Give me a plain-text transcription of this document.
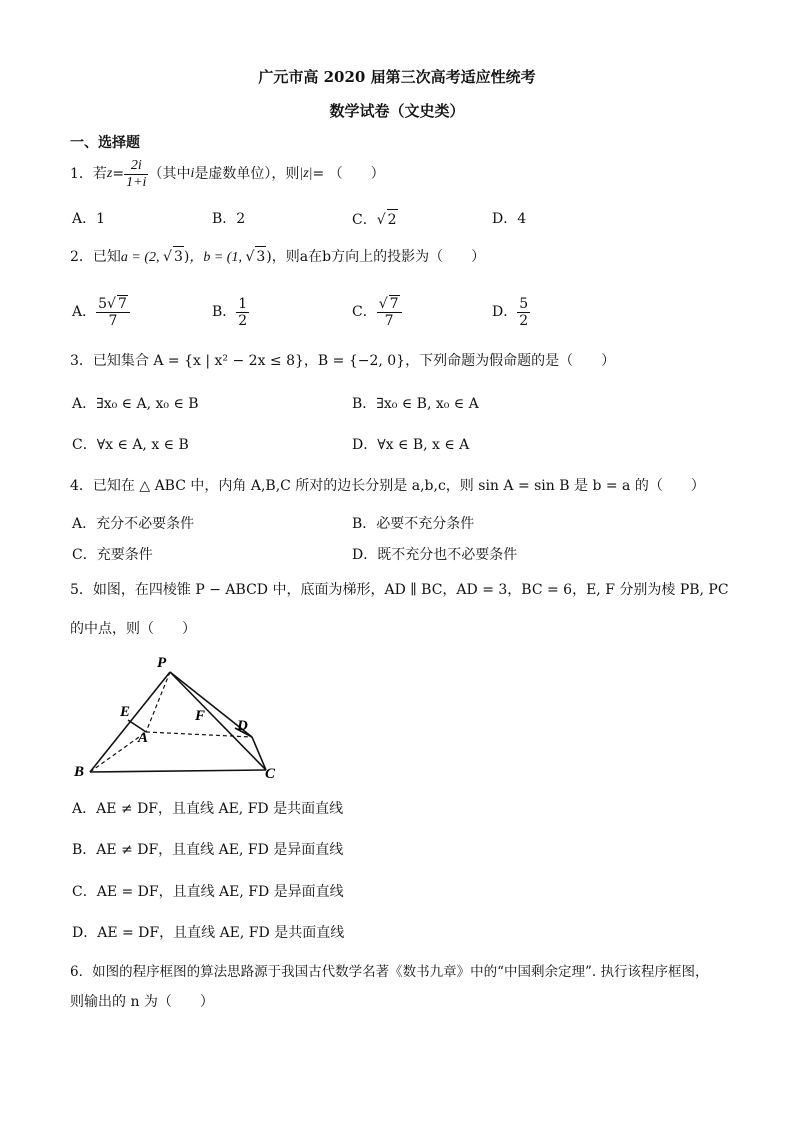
广元市高 2020 届第三次高考适应性统考
数学试卷（文史类）
一、选择题
1．若 $z = \frac{2i}{1+i}$ （其中 i 是虚数单位），则 |z| = （　　）
A．1	B．2	C．√ 2	D．4
2．已知a = (2, √ 3)，b = (1, √ 3)，则a在b方向上的投影为（　　）
A． $\frac{5√ 7}{7}$	B． $\frac{1}{2}$	C． $\frac{√ 7}{7}$	D． $\frac{5}{2}$
3．已知集合 A = {x | x² − 2x ≤ 8}，B = {−2, 0}，下列命题为假命题的是（　　）
A．∃x₀ ∈ A, x₀ ∈ B	B．∃x₀ ∈ B, x₀ ∈ A
C．∀x ∈ A, x ∈ B	D．∀x ∈ B, x ∈ A
4．已知在 △ ABC 中，内角 A,B,C 所对的边长分别是 a,b,c，则 sin A = sin B 是 b = a 的（　　）
A．充分不必要条件	B．必要不充分条件
C．充要条件	D．既不充分也不必要条件
5．如图，在四棱锥 P − ABCD 中，底面为梯形，AD ∥ BC，AD = 3，BC = 6，E, F 分别为棱 PB, PC
的中点，则（　　）
P
E	F
A
D
B	C
A．AE ≠ DF，且直线 AE, FD 是共面直线
B．AE ≠ DF，且直线 AE, FD 是异面直线
C．AE = DF，且直线 AE, FD 是异面直线
D．AE = DF，且直线 AE, FD 是共面直线
6．如图的程序框图的算法思路源于我国古代数学名著《数书九章》中的“中国剩余定理”. 执行该程序框图，
则输出的 n 为（　　）
